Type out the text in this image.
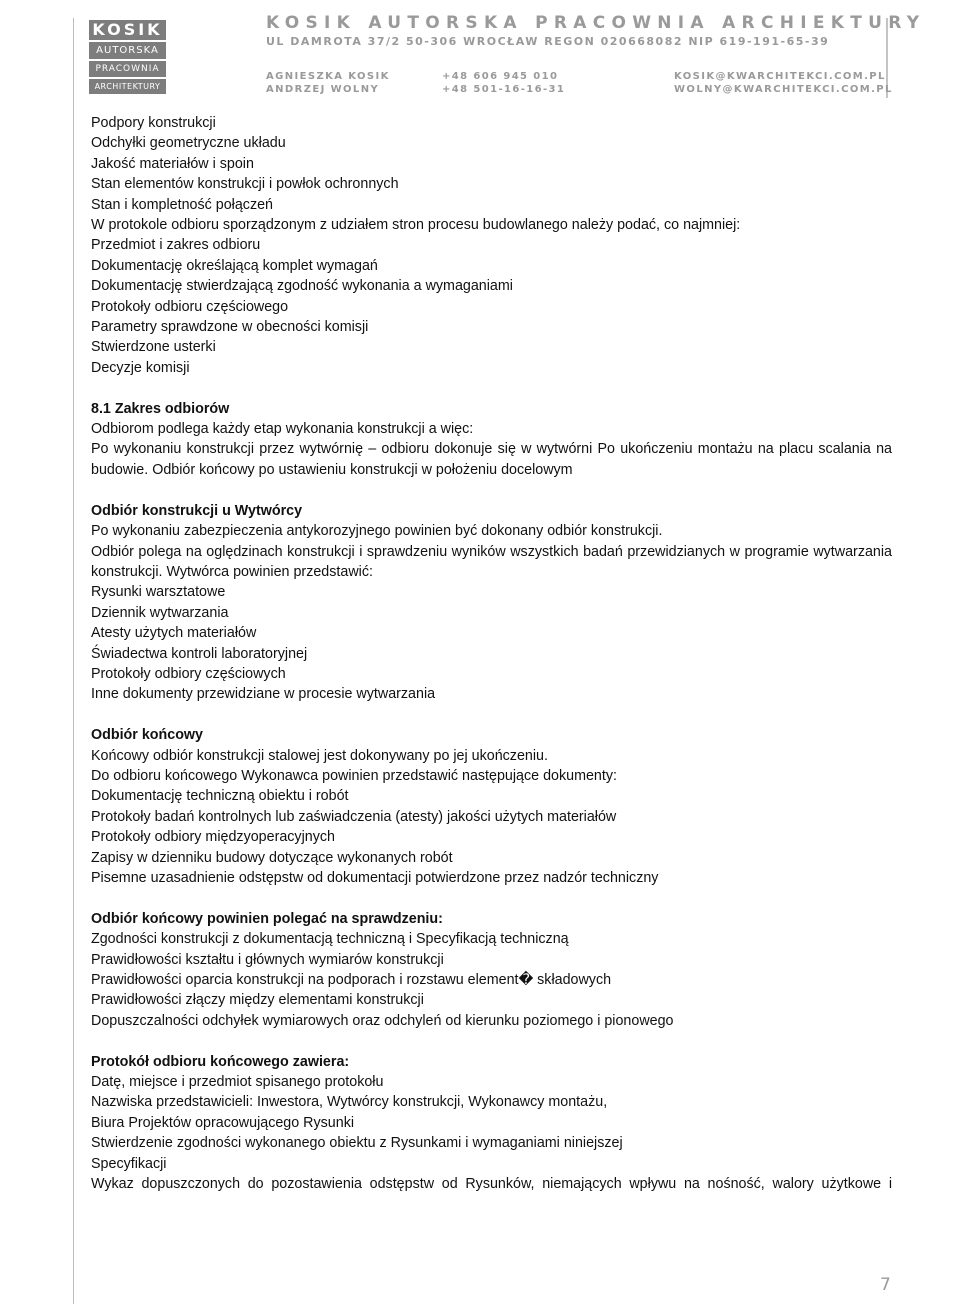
KOSIK
AUTORSKA
PRACOWNIA
ARCHITEKTURY
KOSIK AUTORSKA PRACOWNIA ARCHIEKTURY
UL DAMROTA 37/2 50-306 WROCŁAW REGON 020668082 NIP 619-191-65-39
AGNIESZKA KOSIK	+48 606 945 010	KOSIK@KWARCHITEKCI.COM.PL
ANDRZEJ WOLNY	+48 501-16-16-31	WOLNY@KWARCHITEKCI.COM.PL

Podpory konstrukcji

Odchyłki geometryczne układu

Jakość materiałów i spoin

Stan elementów konstrukcji i powłok ochronnych

Stan i kompletność połączeń

W protokole odbioru sporządzonym z udziałem stron procesu budowlanego należy podać, co najmniej:

Przedmiot i zakres odbioru

Dokumentację określającą komplet wymagań

Dokumentację stwierdzającą zgodność wykonania a wymaganiami

Protokoły odbioru częściowego

Parametry sprawdzone w obecności komisji

Stwierdzone usterki

Decyzje komisji

8.1 Zakres odbiorów

Odbiorom podlega każdy etap wykonania konstrukcji a więc:

Po wykonaniu konstrukcji przez wytwórnię – odbioru dokonuje się w wytwórni Po ukończeniu montażu na placu scalania na budowie. Odbiór końcowy po ustawieniu konstrukcji w położeniu docelowym

Odbiór konstrukcji u Wytwórcy

Po wykonaniu zabezpieczenia antykorozyjnego powinien być dokonany odbiór konstrukcji.

Odbiór polega na oględzinach konstrukcji i sprawdzeniu wyników wszystkich badań przewidzianych w programie wytwarzania konstrukcji. Wytwórca powinien przedstawić:

Rysunki warsztatowe

Dziennik wytwarzania

Atesty użytych materiałów

Świadectwa kontroli laboratoryjnej

Protokoły odbiory częściowych

Inne dokumenty przewidziane w procesie wytwarzania

Odbiór końcowy

Końcowy odbiór konstrukcji stalowej jest dokonywany po jej ukończeniu.

Do odbioru końcowego Wykonawca powinien przedstawić następujące dokumenty:

Dokumentację techniczną obiektu i robót

Protokoły badań kontrolnych lub zaświadczenia (atesty) jakości użytych materiałów

Protokoły odbiory międzyoperacyjnych

Zapisy w dzienniku budowy dotyczące wykonanych robót

Pisemne uzasadnienie odstępstw od dokumentacji potwierdzone przez nadzór techniczny

Odbiór końcowy powinien polegać na sprawdzeniu:

Zgodności konstrukcji z dokumentacją techniczną i Specyfikacją techniczną

Prawidłowości kształtu i głównych wymiarów konstrukcji

Prawidłowości oparcia konstrukcji na podporach i rozstawu element� składowych

Prawidłowości złączy między elementami konstrukcji

Dopuszczalności odchyłek wymiarowych oraz odchyleń od kierunku poziomego i pionowego

Protokół odbioru końcowego zawiera:

Datę, miejsce i przedmiot spisanego protokołu

Nazwiska przedstawicieli: Inwestora, Wytwórcy konstrukcji, Wykonawcy montażu,

Biura Projektów opracowującego Rysunki

Stwierdzenie zgodności wykonanego obiektu z Rysunkami i wymaganiami niniejszej

Specyfikacji

Wykaz dopuszczonych do pozostawienia odstępstw od Rysunków, niemających wpływu na nośność, walory użytkowe i

7
